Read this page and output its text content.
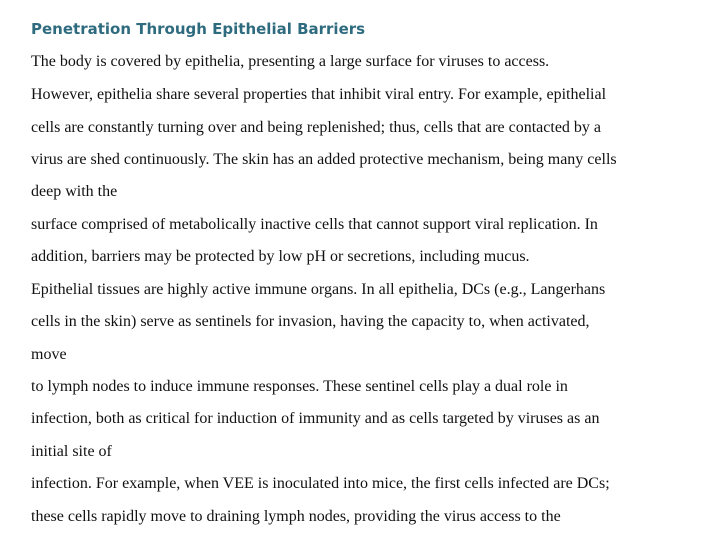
Penetration Through Epithelial Barriers
The body is covered by epithelia, presenting a large surface for viruses to access.
However, epithelia share several properties that inhibit viral entry. For example, epithelial
cells are constantly turning over and being replenished; thus, cells that are contacted by a
virus are shed continuously. The skin has an added protective mechanism, being many cells
deep with the
surface comprised of metabolically inactive cells that cannot support viral replication. In
addition, barriers may be protected by low pH or secretions, including mucus.
Epithelial tissues are highly active immune organs. In all epithelia, DCs (e.g., Langerhans
cells in the skin) serve as sentinels for invasion, having the capacity to, when activated,
move
to lymph nodes to induce immune responses. These sentinel cells play a dual role in
infection, both as critical for induction of immunity and as cells targeted by viruses as an
initial site of
infection. For example, when VEE is inoculated into mice, the first cells infected are DCs;
these cells rapidly move to draining lymph nodes, providing the virus access to the
